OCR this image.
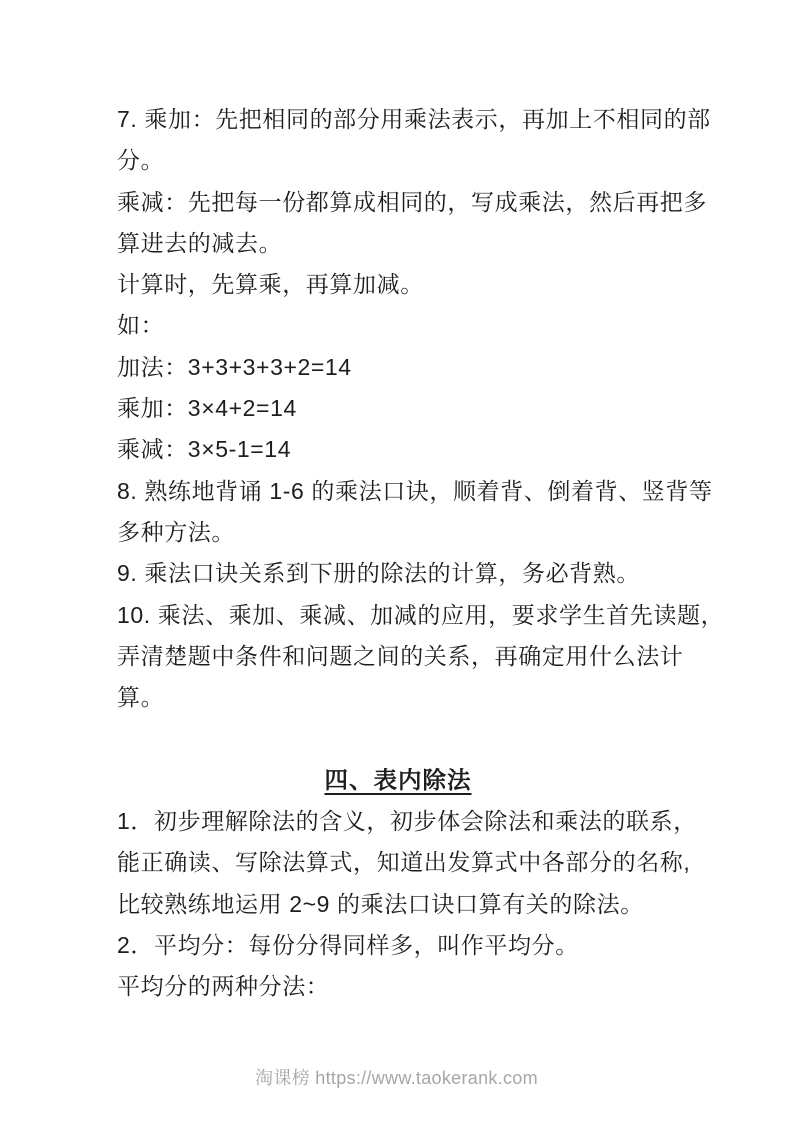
7. 乘加：先把相同的部分用乘法表示，再加上不相同的部

分。

乘减：先把每一份都算成相同的，写成乘法，然后再把多

算进去的减去。

计算时，先算乘，再算加减。

如：

加法：3+3+3+3+2=14

乘加：3×4+2=14

乘减：3×5-1=14

8. 熟练地背诵 1-6 的乘法口诀，顺着背、倒着背、竖背等

多种方法。

9. 乘法口诀关系到下册的除法的计算，务必背熟。

10. 乘法、乘加、乘减、加减的应用，要求学生首先读题，

弄清楚题中条件和问题之间的关系，再确定用什么法计

算。

四、表内除法

1．初步理解除法的含义，初步体会除法和乘法的联系，

能正确读、写除法算式，知道出发算式中各部分的名称,

比较熟练地运用 2~9 的乘法口诀口算有关的除法。

2．平均分：每份分得同样多，叫作平均分。

平均分的两种分法：

淘课榜 https://www.taokerank.com
